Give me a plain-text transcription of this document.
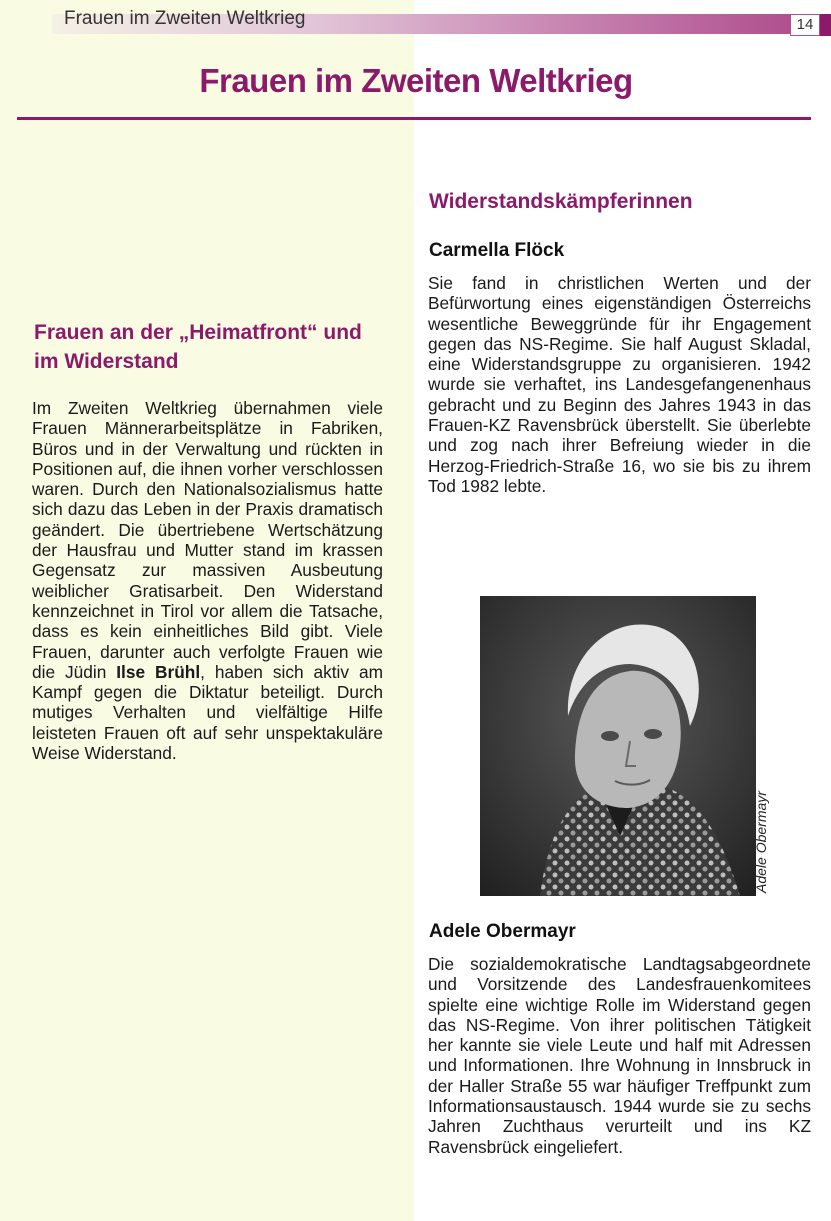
Frauen im Zweiten Weltkrieg	14
Frauen im Zweiten Weltkrieg
Frauen an der „Heimatfront“ und im Widerstand

Im Zweiten Weltkrieg übernahmen viele Frauen Männerarbeitsplätze in Fabriken, Büros und in der Verwaltung und rückten in Positionen auf, die ihnen vorher verschlossen waren. Durch den Nationalsozialismus hatte sich dazu das Leben in der Praxis dramatisch geändert. Die übertriebene Wertschätzung der Hausfrau und Mutter stand im krassen Gegensatz zur massiven Ausbeutung weiblicher Gratisarbeit. Den Widerstand kennzeichnet in Tirol vor allem die Tatsache, dass es kein einheitliches Bild gibt. Viele Frauen, darunter auch verfolgte Frauen wie die Jüdin Ilse Brühl, haben sich aktiv am Kampf gegen die Diktatur beteiligt. Durch mutiges Verhalten und vielfältige Hilfe leisteten Frauen oft auf sehr unspektakuläre Weise Widerstand.

Widerstandskämpferinnen
Carmella Flöck

Sie fand in christlichen Werten und der Befürwortung eines eigenständigen Österreichs wesentliche Beweggründe für ihr Engagement gegen das NS-Regime. Sie half August Skladal, eine Widerstandsgruppe zu organisieren. 1942 wurde sie verhaftet, ins Landesgefangenenhaus gebracht und zu Beginn des Jahres 1943 in das Frauen-KZ Ravensbrück überstellt. Sie überlebte und zog nach ihrer Befreiung wieder in die Herzog-Friedrich-Straße 16, wo sie bis zu ihrem Tod 1982 lebte.

Adele Obermayr
Adele Obermayr

Die sozialdemokratische Landtagsabgeordnete und Vorsitzende des Landesfrauenkomitees spielte eine wichtige Rolle im Widerstand gegen das NS-Regime. Von ihrer politischen Tätigkeit her kannte sie viele Leute und half mit Adressen und Informationen. Ihre Wohnung in Innsbruck in der Haller Straße 55 war häufiger Treffpunkt zum Informationsaustausch. 1944 wurde sie zu sechs Jahren Zuchthaus verurteilt und ins KZ Ravensbrück eingeliefert.
